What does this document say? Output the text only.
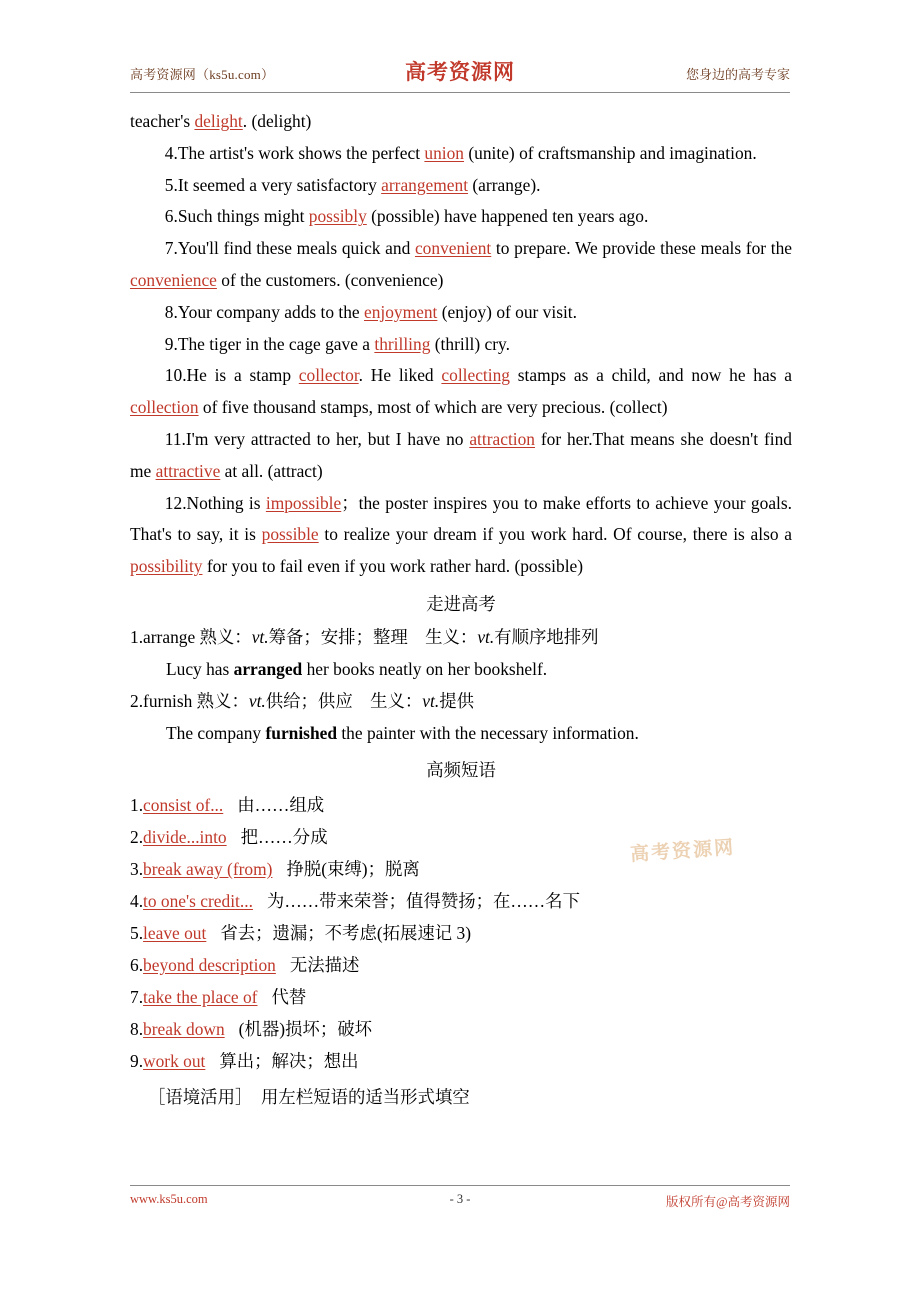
高考资源网（ks5u.com）	高考资源网	您身边的高考专家

teacher's delight. (delight)

4.The artist's work shows the perfect union (unite) of craftsmanship and imagination.

5.It seemed a very satisfactory arrangement (arrange).

6.Such things might possibly (possible) have happened ten years ago.

7.You'll find these meals quick and convenient to prepare. We provide these meals for the convenience of the customers. (convenience)

8.Your company adds to the enjoyment (enjoy) of our visit.

9.The tiger in the cage gave a thrilling (thrill) cry.

10.He is a stamp collector. He liked collecting stamps as a child, and now he has a collection of five thousand stamps, most of which are very precious. (collect)

11.I'm very attracted to her, but I have no attraction for her.That means she doesn't find me attractive at all. (attract)

12.Nothing is impossible；the poster inspires you to make efforts to achieve your goals. That's to say, it is possible to realize your dream if you work hard. Of course, there is also a possibility for you to fail even if you work rather hard. (possible)

走进高考

1.arrange 熟义：vt.筹备；安排；整理　生义：vt.有顺序地排列

Lucy has arranged her books neatly on her bookshelf.

2.furnish 熟义：vt.供给；供应　生义：vt.提供

The company furnished the painter with the necessary information.

高频短语

1.consist of... 由……组成
2.divide...into 把……分成
3.break away (from) 挣脱(束缚)；脱离
4.to one's credit... 为……带来荣誉；值得赞扬；在……名下
5.leave out 省去；遗漏；不考虑(拓展速记 3)
6.beyond description 无法描述
7.take the place of 代替
8.break down (机器)损坏；破坏
9.work out 算出；解决；想出

［语境活用］　用左栏短语的适当形式填空

高考资源网
www.ks5u.com	- 3 -	版权所有@高考资源网
